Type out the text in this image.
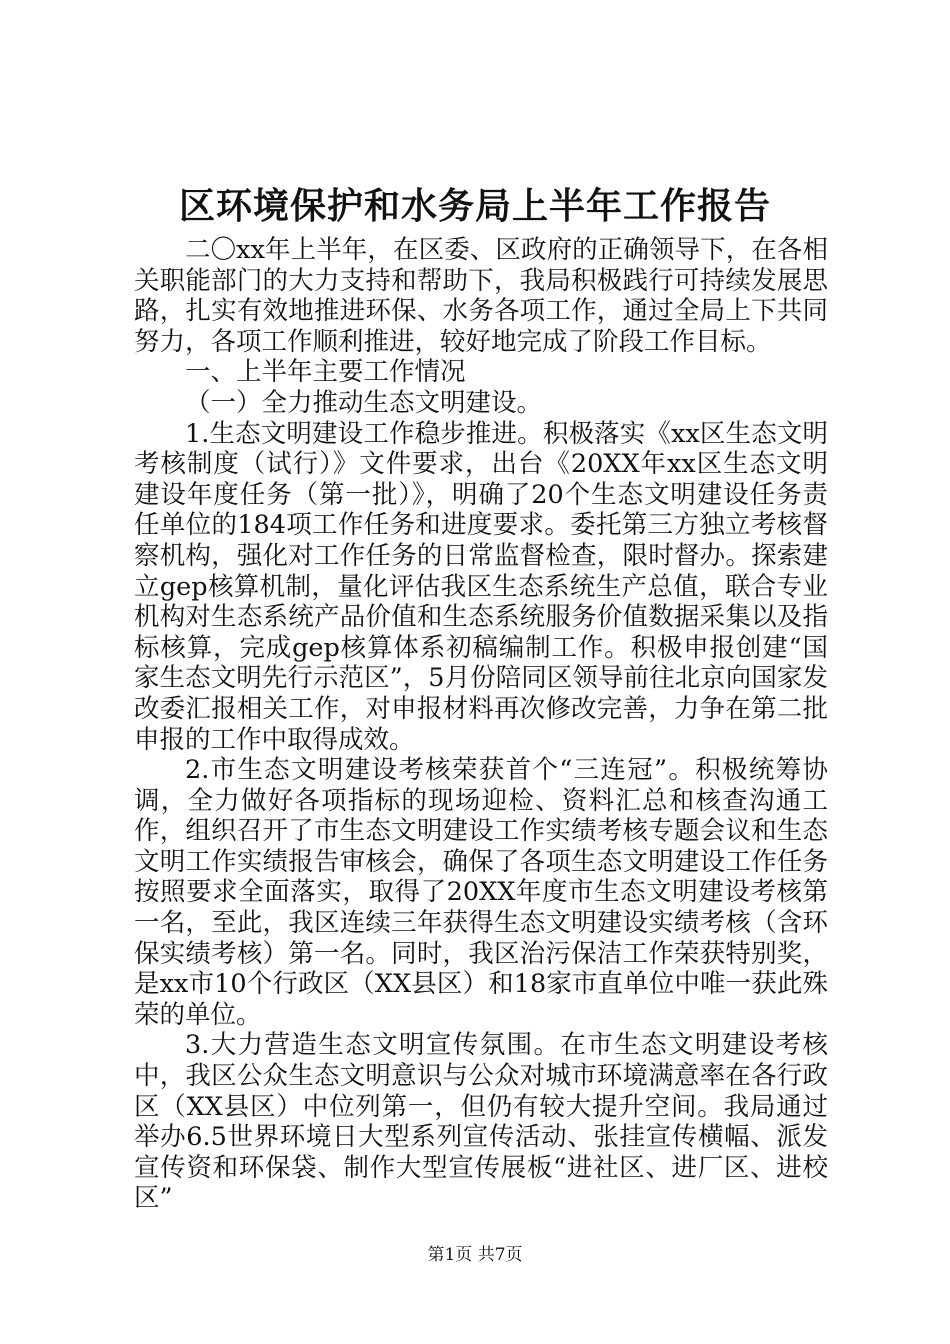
区环境保护和水务局上半年工作报告

二〇xx年上半年，在区委、区政府的正确领导下，在各相关职能部门的大力支持和帮助下，我局积极践行可持续发展思路，扎实有效地推进环保、水务各项工作，通过全局上下共同努力，各项工作顺利推进，较好地完成了阶段工作目标。

一、上半年主要工作情况

（一）全力推动生态文明建设。

1.生态文明建设工作稳步推进。积极落实《xx区生态文明考核制度（试行）》文件要求，出台《20XX年xx区生态文明建设年度任务（第一批）》，明确了20个生态文明建设任务责任单位的184项工作任务和进度要求。委托第三方独立考核督察机构，强化对工作任务的日常监督检查，限时督办。探索建立gep核算机制，量化评估我区生态系统生产总值，联合专业机构对生态系统产品价值和生态系统服务价值数据采集以及指标核算，完成gep核算体系初稿编制工作。积极申报创建“国家生态文明先行示范区”，5月份陪同区领导前往北京向国家发改委汇报相关工作，对申报材料再次修改完善，力争在第二批申报的工作中取得成效。

2.市生态文明建设考核荣获首个“三连冠”。积极统筹协调，全力做好各项指标的现场迎检、资料汇总和核查沟通工作，组织召开了市生态文明建设工作实绩考核专题会议和生态文明工作实绩报告审核会，确保了各项生态文明建设工作任务按照要求全面落实，取得了20XX年度市生态文明建设考核第一名，至此，我区连续三年获得生态文明建设实绩考核（含环保实绩考核）第一名。同时，我区治污保洁工作荣获特别奖，是xx市10个行政区（XX县区）和18家市直单位中唯一获此殊荣的单位。

3.大力营造生态文明宣传氛围。在市生态文明建设考核中，我区公众生态文明意识与公众对城市环境满意率在各行政区（XX县区）中位列第一，但仍有较大提升空间。我局通过举办6.5世界环境日大型系列宣传活动、张挂宣传横幅、派发宣传资和环保袋、制作大型宣传展板“进社区、进厂区、进校区”

第1页 共7页
